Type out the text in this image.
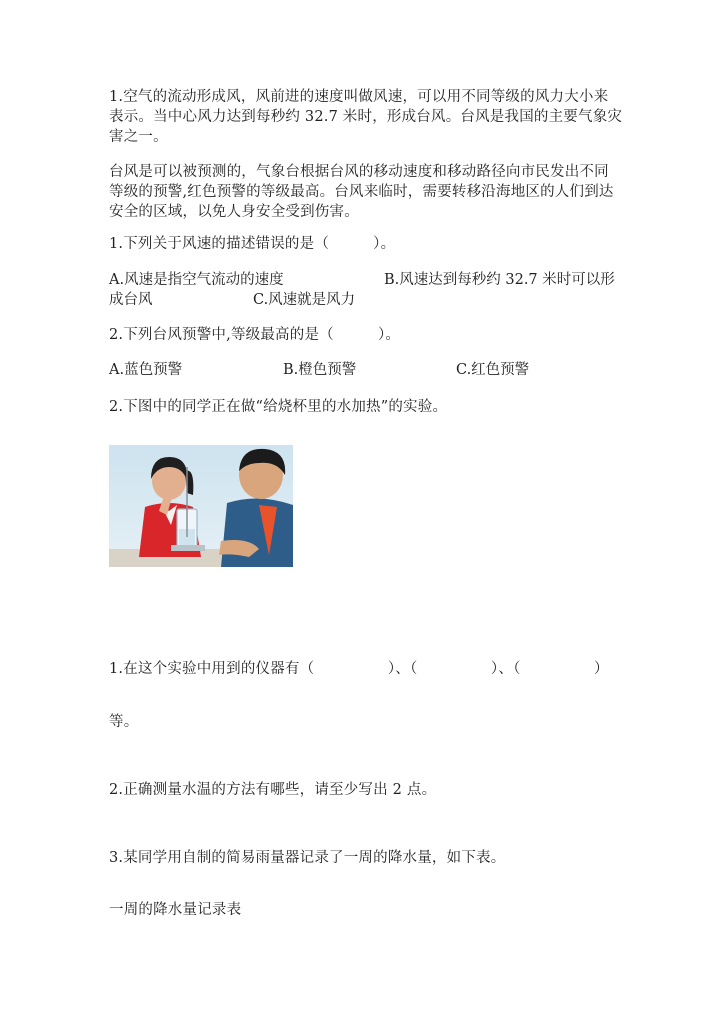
1.空气的流动形成风，风前进的速度叫做风速，可以用不同等级的风力大小来
表示。当中心风力达到每秒约 32.7 米时，形成台风。台风是我国的主要气象灾
害之一。
台风是可以被预测的，气象台根据台风的移动速度和移动路径向市民发出不同
等级的预警,红色预警的等级最高。台风来临时，需要转移沿海地区的人们到达
安全的区域，以免人身安全受到伤害。
1.下列关于风速的描述错误的是（　　　）。
A.风速是指空气流动的速度	B.风速达到每秒约 32.7 米时可以形
成台风	C.风速就是风力
2.下列台风预警中,等级最高的是（　　　）。
A.蓝色预警	B.橙色预警	C.红色预警
2.下图中的同学正在做“给烧杯里的水加热”的实验。
1.在这个实验中用到的仪器有（　　　　　）、（　　　　　）、（　　　　　）
等。
2.正确测量水温的方法有哪些，请至少写出 2 点。
3.某同学用自制的简易雨量器记录了一周的降水量，如下表。
一周的降水量记录表
